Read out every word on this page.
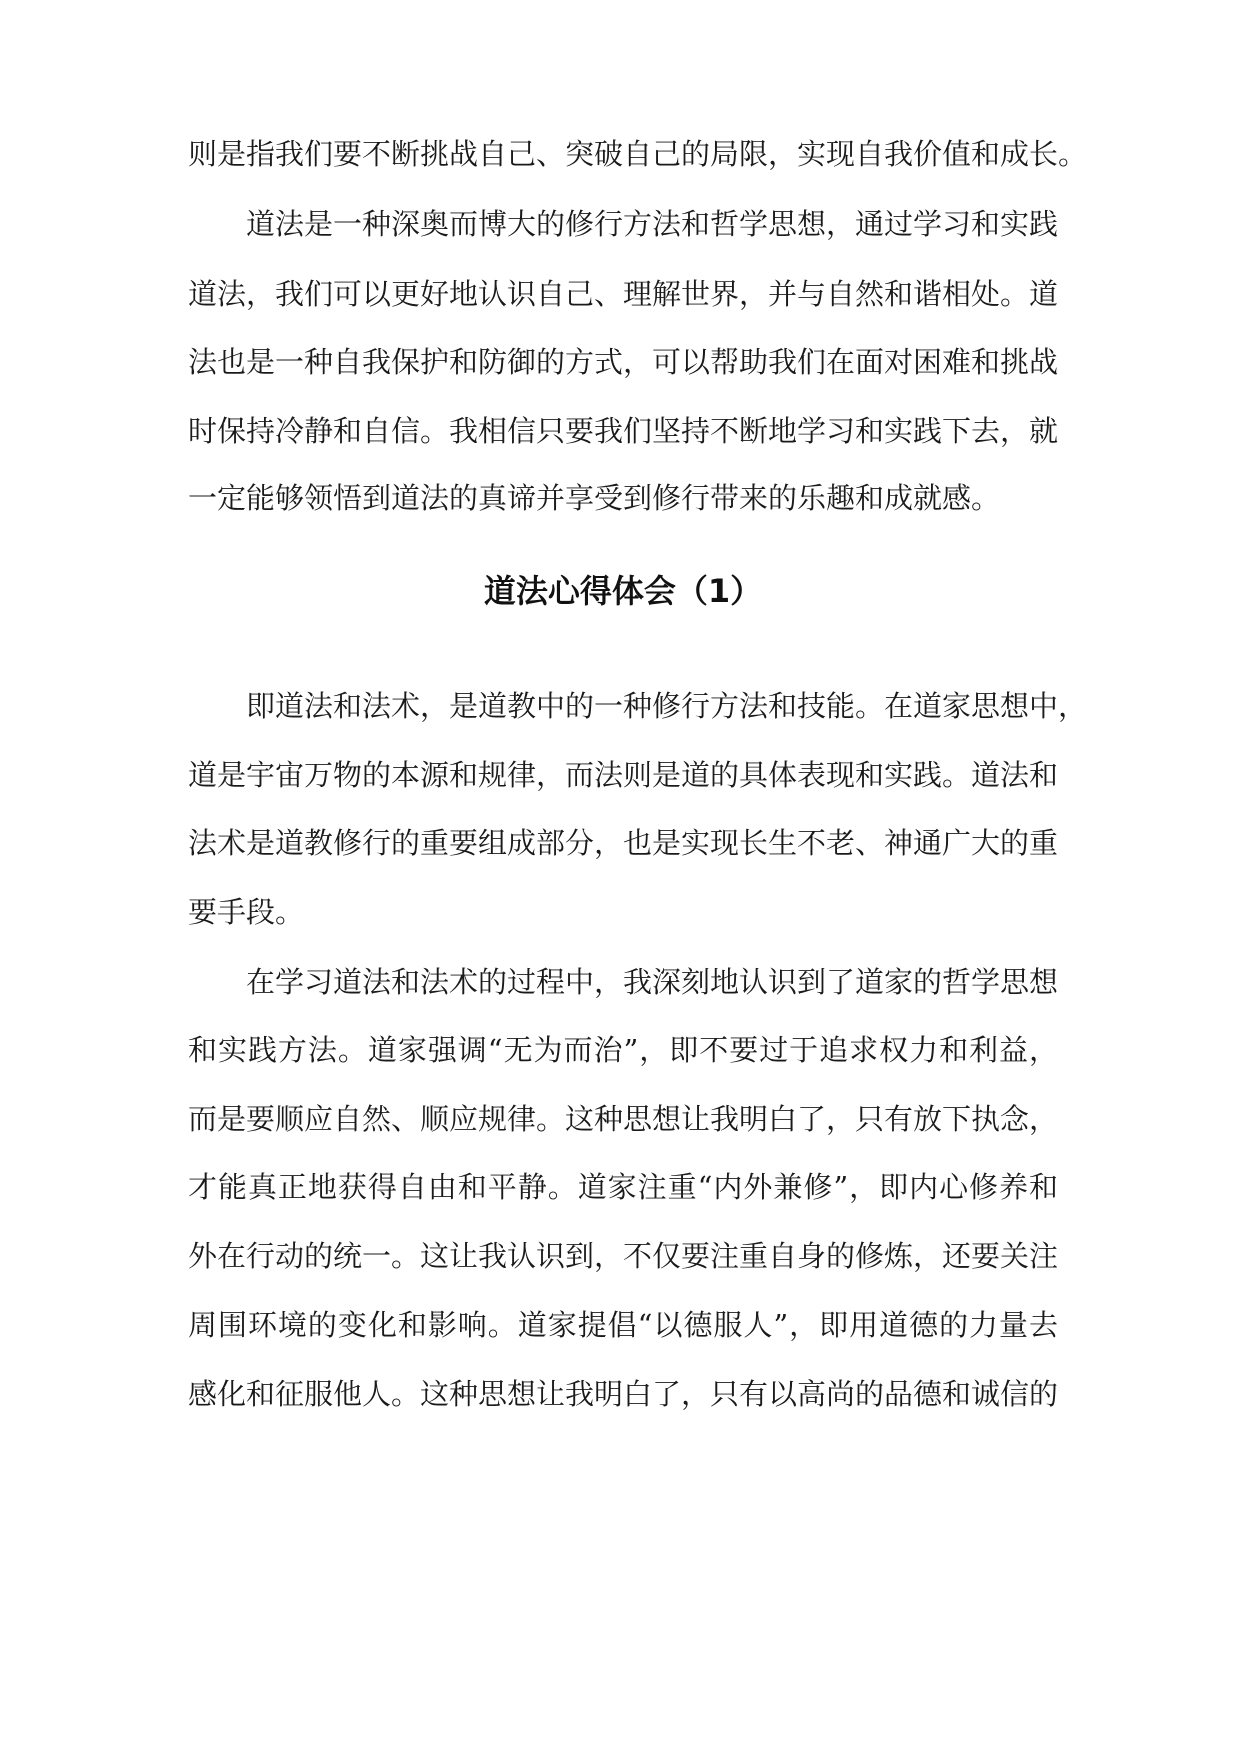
则是指我们要不断挑战自己、突破自己的局限，实现自我价值和成长。
道法是一种深奥而博大的修行方法和哲学思想，通过学习和实践
道法，我们可以更好地认识自己、理解世界，并与自然和谐相处。道
法也是一种自我保护和防御的方式，可以帮助我们在面对困难和挑战
时保持冷静和自信。我相信只要我们坚持不断地学习和实践下去，就
一定能够领悟到道法的真谛并享受到修行带来的乐趣和成就感。
道法心得体会（1）
即道法和法术，是道教中的一种修行方法和技能。在道家思想中，
道是宇宙万物的本源和规律，而法则是道的具体表现和实践。道法和
法术是道教修行的重要组成部分，也是实现长生不老、神通广大的重
要手段。
在学习道法和法术的过程中，我深刻地认识到了道家的哲学思想
和实践方法。道家强调“无为而治”，即不要过于追求权力和利益，
而是要顺应自然、顺应规律。这种思想让我明白了，只有放下执念，
才能真正地获得自由和平静。道家注重“内外兼修”，即内心修养和
外在行动的统一。这让我认识到，不仅要注重自身的修炼，还要关注
周围环境的变化和影响。道家提倡“以德服人”，即用道德的力量去
感化和征服他人。这种思想让我明白了，只有以高尚的品德和诚信的
